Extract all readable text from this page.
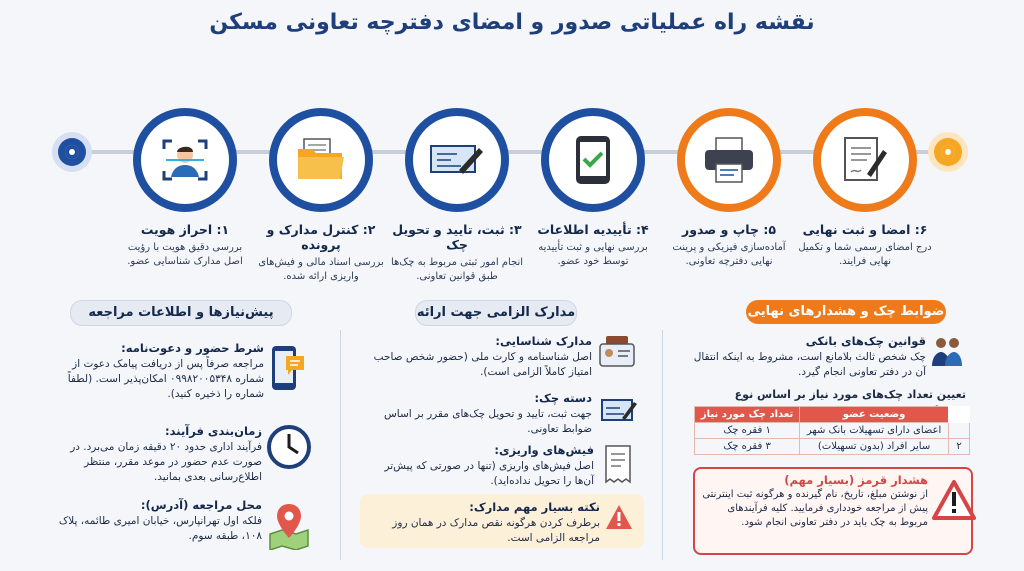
نقشه راه عملیاتی صدور و امضای دفترچه تعاونی مسکن
۱: احراز هویت
بررسی دقیق هویت با رؤیت اصل مدارک شناسایی عضو.
۲: کنترل مدارک و پرونده
بررسی اسناد مالی و فیش‌های واریزی ارائه شده.
۳: ثبت، تایید و تحویل چک
انجام امور ثبتی مربوط به چک‌ها طبق قوانین تعاونی.
۴: تأییدیه اطلاعات
بررسی نهایی و ثبت تأییدیه توسط خود عضو.
۵: چاپ و صدور
آماده‌سازی فیزیکی و پرینت نهایی دفترچه تعاونی.
۶: امضا و ثبت نهایی
درج امضای رسمی شما و تکمیل نهایی فرایند.
ضوابط چک و هشدارهای نهایی
مدارک الزامی جهت ارائه
پیش‌نیازها و اطلاعات مراجعه
قوانین چک‌های بانکی
چک شخص ثالث بلامانع است، مشروط به اینکه انتقال آن در دفتر تعاونی انجام گیرد.
تعیین تعداد چک‌های مورد نیاز بر اساس نوع
	وضعیت عضو	تعداد چک مورد نیاز
	اعضای دارای تسهیلات بانک شهر	۱ فقره چک
۲	سایر افراد (بدون تسهیلات)	۳ فقره چک
هشدار قرمز (بسیار مهم)
از نوشتن مبلغ، تاریخ، نام گیرنده و هرگونه ثبت اینترنتی پیش از مراجعه خودداری فرمایید. کلیه فرآیندهای مربوط به چک باید در دفتر تعاونی انجام شود.
مدارک شناسایی:
اصل شناسنامه و کارت ملی (حضور شخص صاحب امتیاز کاملاً الزامی است).
دسته چک:
جهت ثبت، تایید و تحویل چک‌های مقرر بر اساس ضوابط تعاونی.
فیش‌های واریزی:
اصل فیش‌های واریزی (تنها در صورتی که پیش‌تر آن‌ها را تحویل نداده‌اید).
نکته بسیار مهم مدارک:
برطرف کردن هرگونه نقص مدارک در همان روز مراجعه الزامی است.
شرط حضور و دعوت‌نامه:
مراجعه صرفاً پس از دریافت پیامک دعوت از شماره ۰۹۹۸۲۰۰۵۳۴۸ امکان‌پذیر است. (لطفاً شماره را ذخیره کنید).
زمان‌بندی فرآیند:
فرآیند اداری حدود ۲۰ دقیقه زمان می‌برد. در صورت عدم حضور در موعد مقرر، منتظر اطلاع‌رسانی بعدی بمانید.
محل مراجعه (آدرس):
فلکه اول تهرانپارس، خیابان امیری طائمه، پلاک ۱۰۸، طبقه سوم.
